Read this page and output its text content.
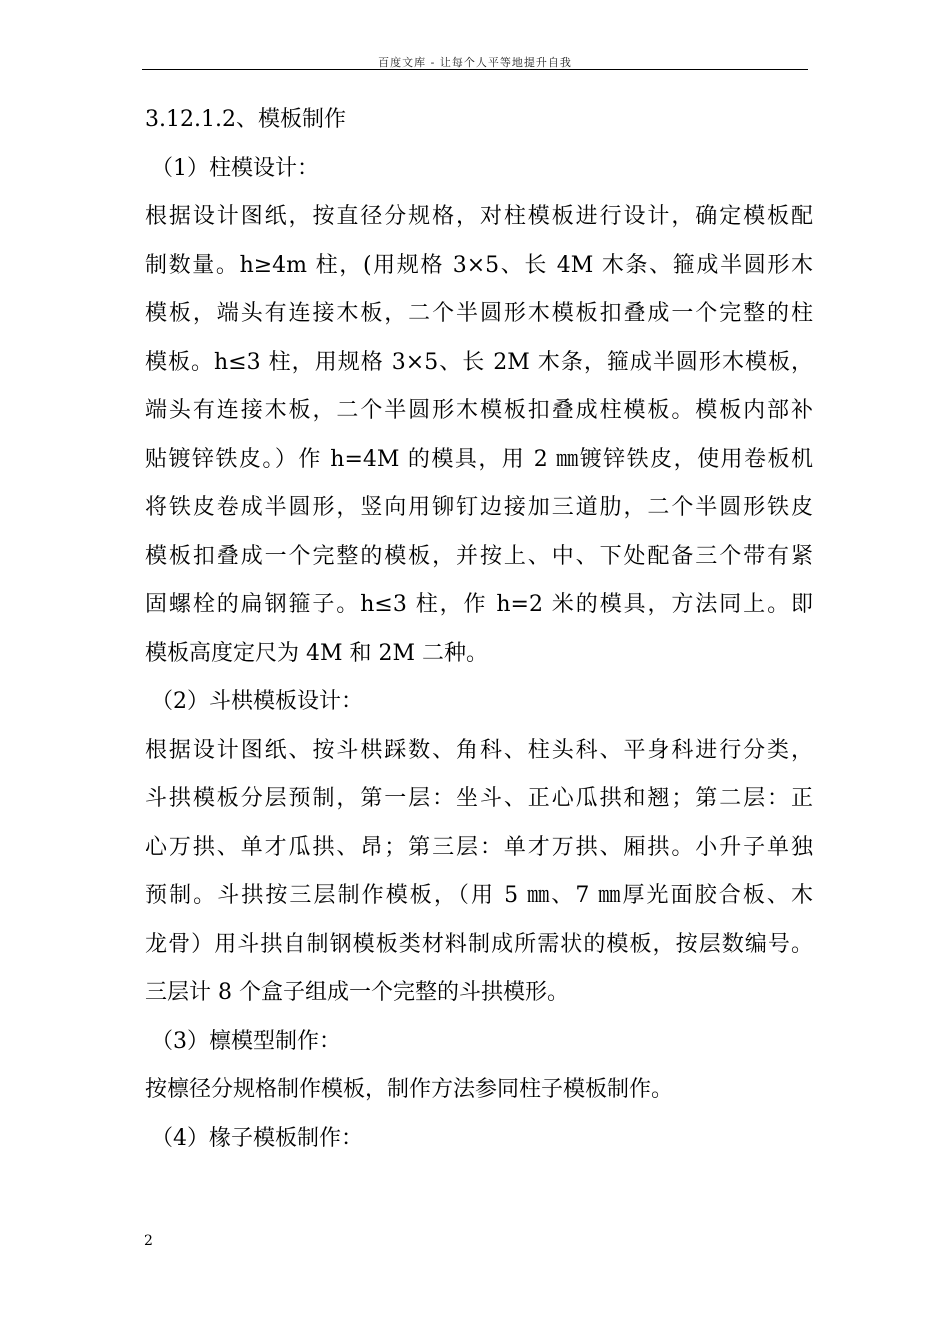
百度文库 - 让每个人平等地提升自我
3.12.1.2、模板制作
（1）柱模设计：
根据设计图纸，按直径分规格，对柱模板进行设计，确定模板配
制数量。h≥4m 柱，(用规格 3×5、长 4M 木条、箍成半圆形木
模板，端头有连接木板，二个半圆形木模板扣叠成一个完整的柱
模板。h≤3 柱，用规格 3×5、长 2M 木条，箍成半圆形木模板，
端头有连接木板，二个半圆形木模板扣叠成柱模板。模板内部补
贴镀锌铁皮。）作 h=4M 的模具，用 2 ㎜镀锌铁皮，使用卷板机
将铁皮卷成半圆形，竖向用铆钉边接加三道肋，二个半圆形铁皮
模板扣叠成一个完整的模板，并按上、中、下处配备三个带有紧
固螺栓的扁钢箍子。h≤3 柱，作 h=2 米的模具，方法同上。即
模板高度定尺为 4M 和 2M 二种。
（2）斗栱模板设计：
根据设计图纸、按斗栱踩数、角科、柱头科、平身科进行分类，
斗拱模板分层预制，第一层：坐斗、正心瓜拱和翘；第二层：正
心万拱、单才瓜拱、昂；第三层：单才万拱、厢拱。小升子单独
预制。斗拱按三层制作模板，（用 5 ㎜、7 ㎜厚光面胶合板、木
龙骨）用斗拱自制钢模板类材料制成所需状的模板，按层数编号。
三层计 8 个盒子组成一个完整的斗拱模形。
（3）檩模型制作：
按檩径分规格制作模板，制作方法参同柱子模板制作。
（4）椽子模板制作：
2
